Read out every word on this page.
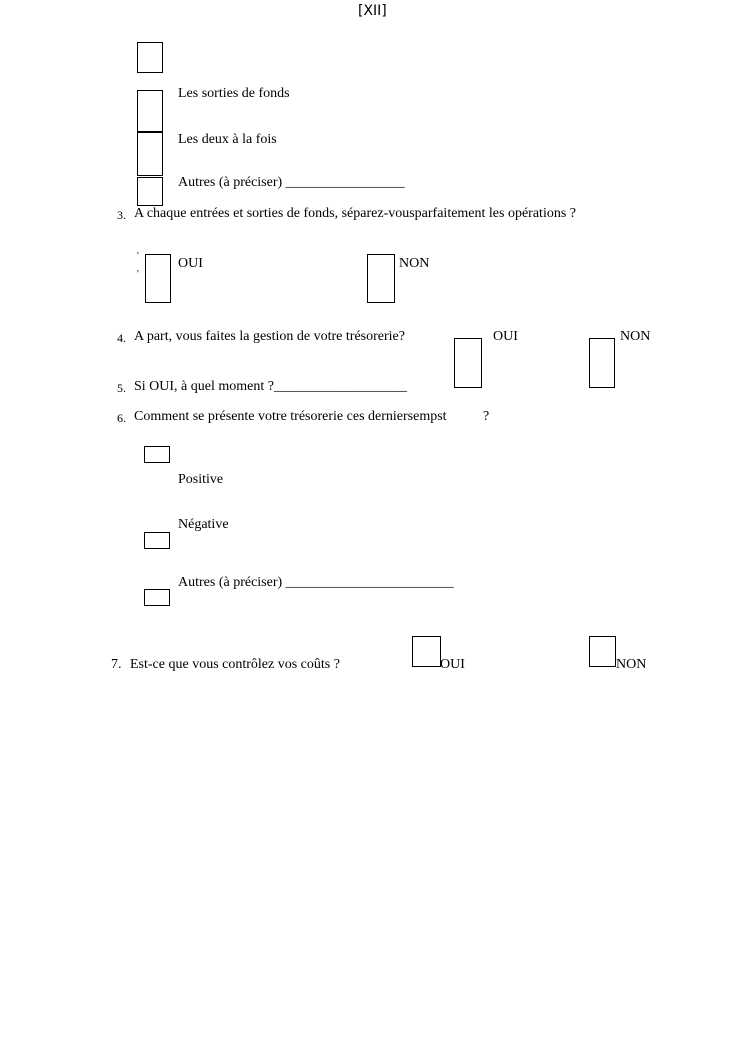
[XII]
Les sorties de fonds
Les deux à la fois
Autres (à préciser) _________________
3. A chaque entrées et sorties de fonds, séparez-vousparfaitement les opérations ?
'
'
OUI	NON
4. A part, vous faites la gestion de votre trésorerie?	OUI	NON
5. Si OUI, à quel moment ?___________________
6. Comment se présente votre trésorerie ces derniersempst	?
Positive
Négative
Autres (à préciser) ________________________
7. Est-ce que vous contrôlez vos coûts ?	OUI	NON
